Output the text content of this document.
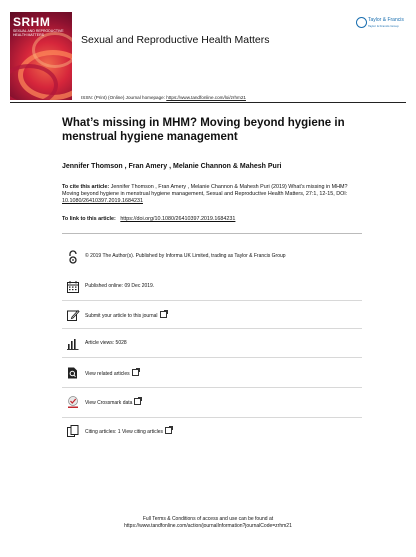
SRHM
SEXUAL AND REPRODUCTIVE HEALTH MATTERS	Sexual and Reproductive Health Matters
Taylor & Francis
Taylor & Francis Group
ISSN: (Print) (Online) Journal homepage: https://www.tandfonline.com/loi/zrhm21
What’s missing in MHM? Moving beyond hygiene in menstrual hygiene management
Jennifer Thomson , Fran Amery , Melanie Channon & Mahesh Puri
To cite this article: Jennifer Thomson , Fran Amery , Melanie Channon & Mahesh Puri (2019) What’s missing in MHM? Moving beyond hygiene in menstrual hygiene management, Sexual and Reproductive Health Matters, 27:1, 12-15, DOI: 10.1080/26410397.2019.1684231
To link to this article: https://doi.org/10.1080/26410397.2019.1684231
© 2019 The Author(s). Published by Informa UK Limited, trading as Taylor & Francis Group
Published online: 09 Dec 2019.
Submit your article to this journal
Article views: 5028
View related articles
View Crossmark data
Citing articles: 1 View citing articles
Full Terms & Conditions of access and use can be found at
https://www.tandfonline.com/action/journalInformation?journalCode=zrhm21
